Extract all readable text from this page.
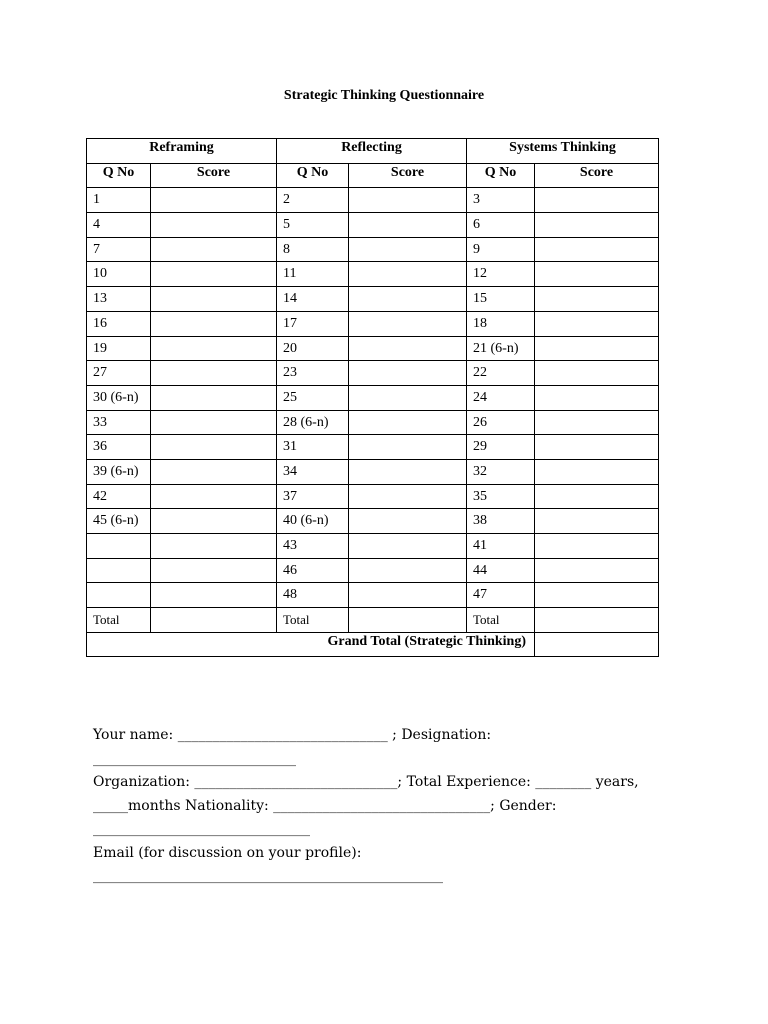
Strategic Thinking Questionnaire
Reframing		Reflecting		Systems Thinking	
Q No	Score	Q No	Score	Q No	Score
1		2		3	
4		5		6	
7		8		9	
10		11		12	
13		14		15	
16		17		18	
19		20		21 (6-n)	
27		23		22	
30 (6-n)		25		24	
33		28 (6-n)		26	
36		31		29	
39 (6-n)		34		32	
42		37		35	
45 (6-n)		40 (6-n)		38	
		43		41	
		46		44	
		48		47	
Total		Total		Total	
Grand Total (Strategic Thinking)					

Your name: ______________________________ ; Designation:

_____________________________

Organization: _____________________________; Total Experience: ________ years,

_____months Nationality: _______________________________; Gender:

_______________________________

Email (for discussion on your profile):

__________________________________________________
